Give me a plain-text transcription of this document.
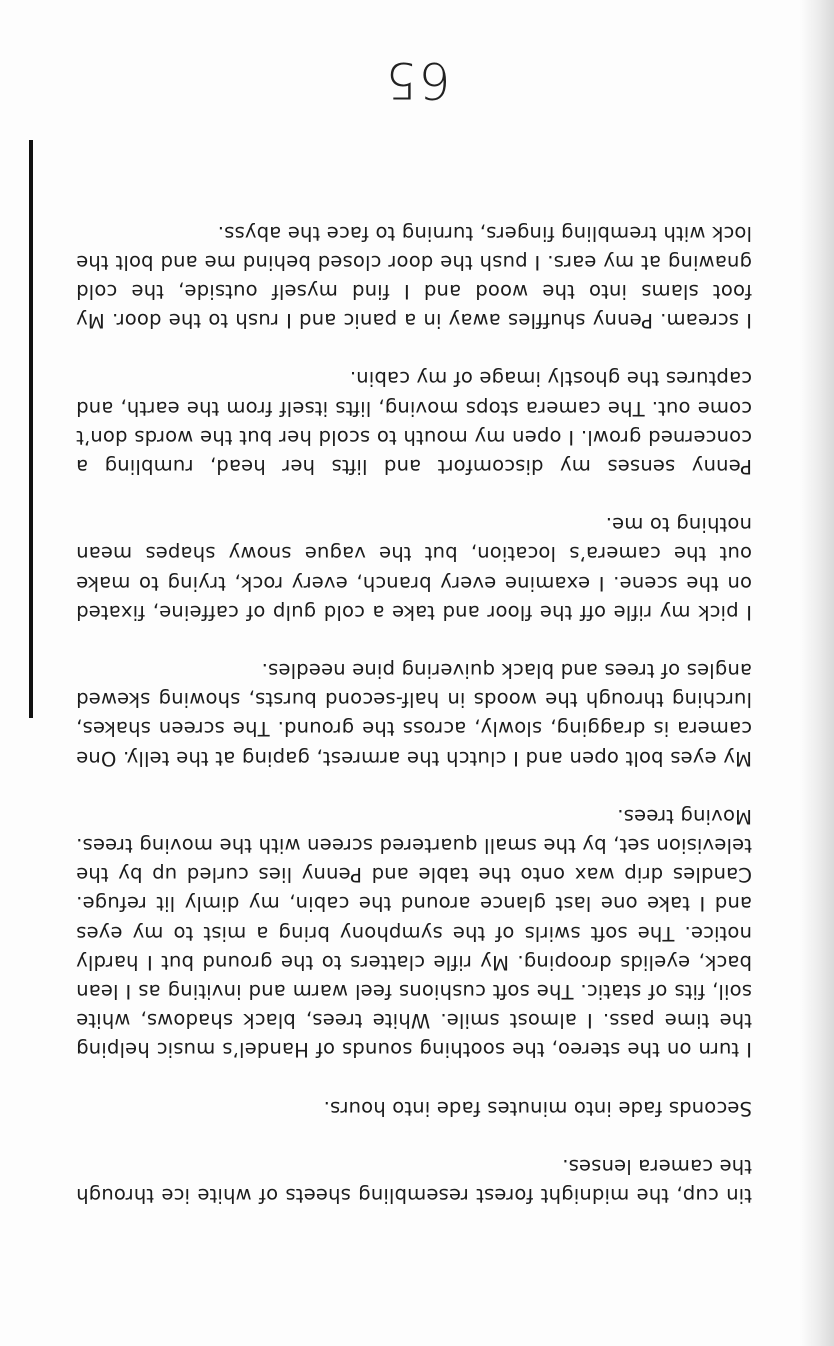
tin cup, the midnight forest resembling sheets of white ice through the camera lenses.

Seconds fade into minutes fade into hours.

I turn on the stereo, the soothing sounds of Handel’s music helping the time pass. I almost smile. White trees, black shadows, white soil, fits of static. The soft cushions feel warm and inviting as I lean back, eyelids drooping. My rifle clatters to the ground but I hardly notice. The soft swirls of the symphony bring a mist to my eyes and I take one last glance around the cabin, my dimly lit refuge. Candles drip wax onto the table and Penny lies curled up by the television set, by the small quartered screen with the moving trees. Moving trees.

My eyes bolt open and I clutch the armrest, gaping at the telly. One camera is dragging, slowly, across the ground. The screen shakes, lurching through the woods in half-second bursts, showing skewed angles of trees and black quivering pine needles.

I pick my rifle off the floor and take a cold gulp of caffeine, fixated on the scene. I examine every branch, every rock, trying to make out the camera’s location, but the vague snowy shapes mean nothing to me.

Penny senses my discomfort and lifts her head, rumbling a concerned growl. I open my mouth to scold her but the words don’t come out. The camera stops moving, lifts itself from the earth, and captures the ghostly image of my cabin.

I scream. Penny shuffles away in a panic and I rush to the door. My foot slams into the wood and I find myself outside, the cold gnawing at my ears. I push the door closed behind me and bolt the lock with trembling fingers, turning to face the abyss.

65
